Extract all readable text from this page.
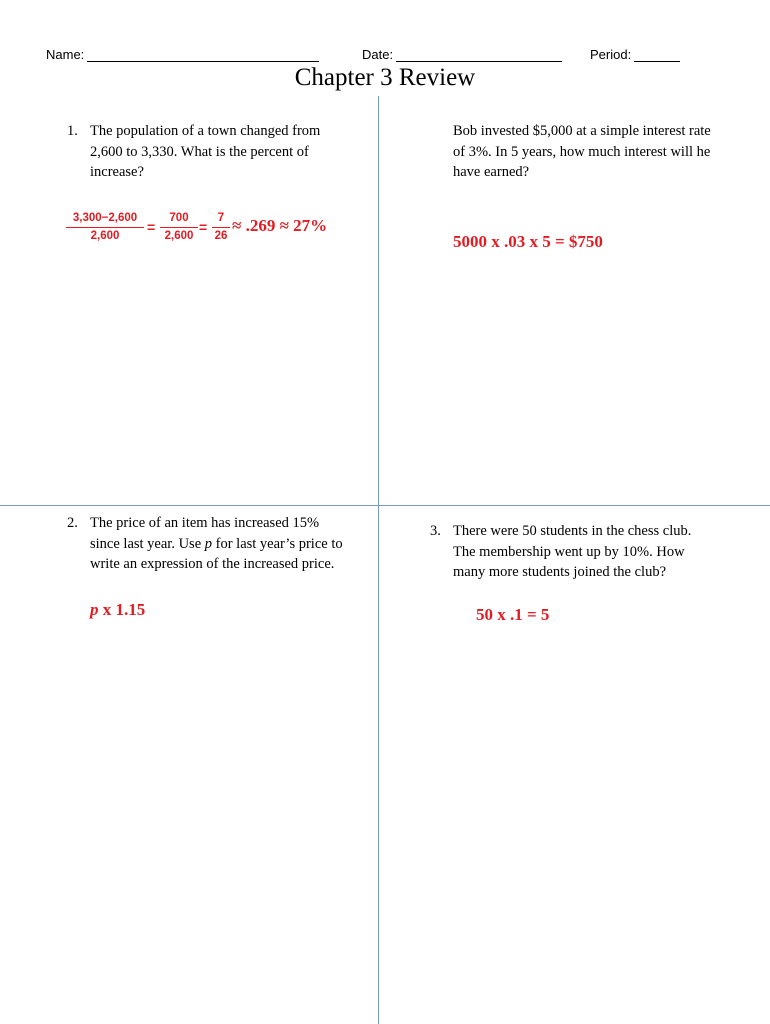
Name:	Date:	Period:
Chapter 3 Review
1. The population of a town changed from

2,600 to 3,330. What is the percent of

increase?

3,300−2,600
2,600
=
700
2,600
=
7
26
≈ .269 ≈ 27%

Bob invested $5,000 at a simple interest rate

of 3%. In 5 years, how much interest will he

have earned?

5000 x .03 x 5 = $750
2. The price of an item has increased 15%

since last year. Use p for last year’s price to

write an expression of the increased price.

p x 1.15
3. There were 50 students in the chess club.

The membership went up by 10%. How

many more students joined the club?

50 x .1 = 5
